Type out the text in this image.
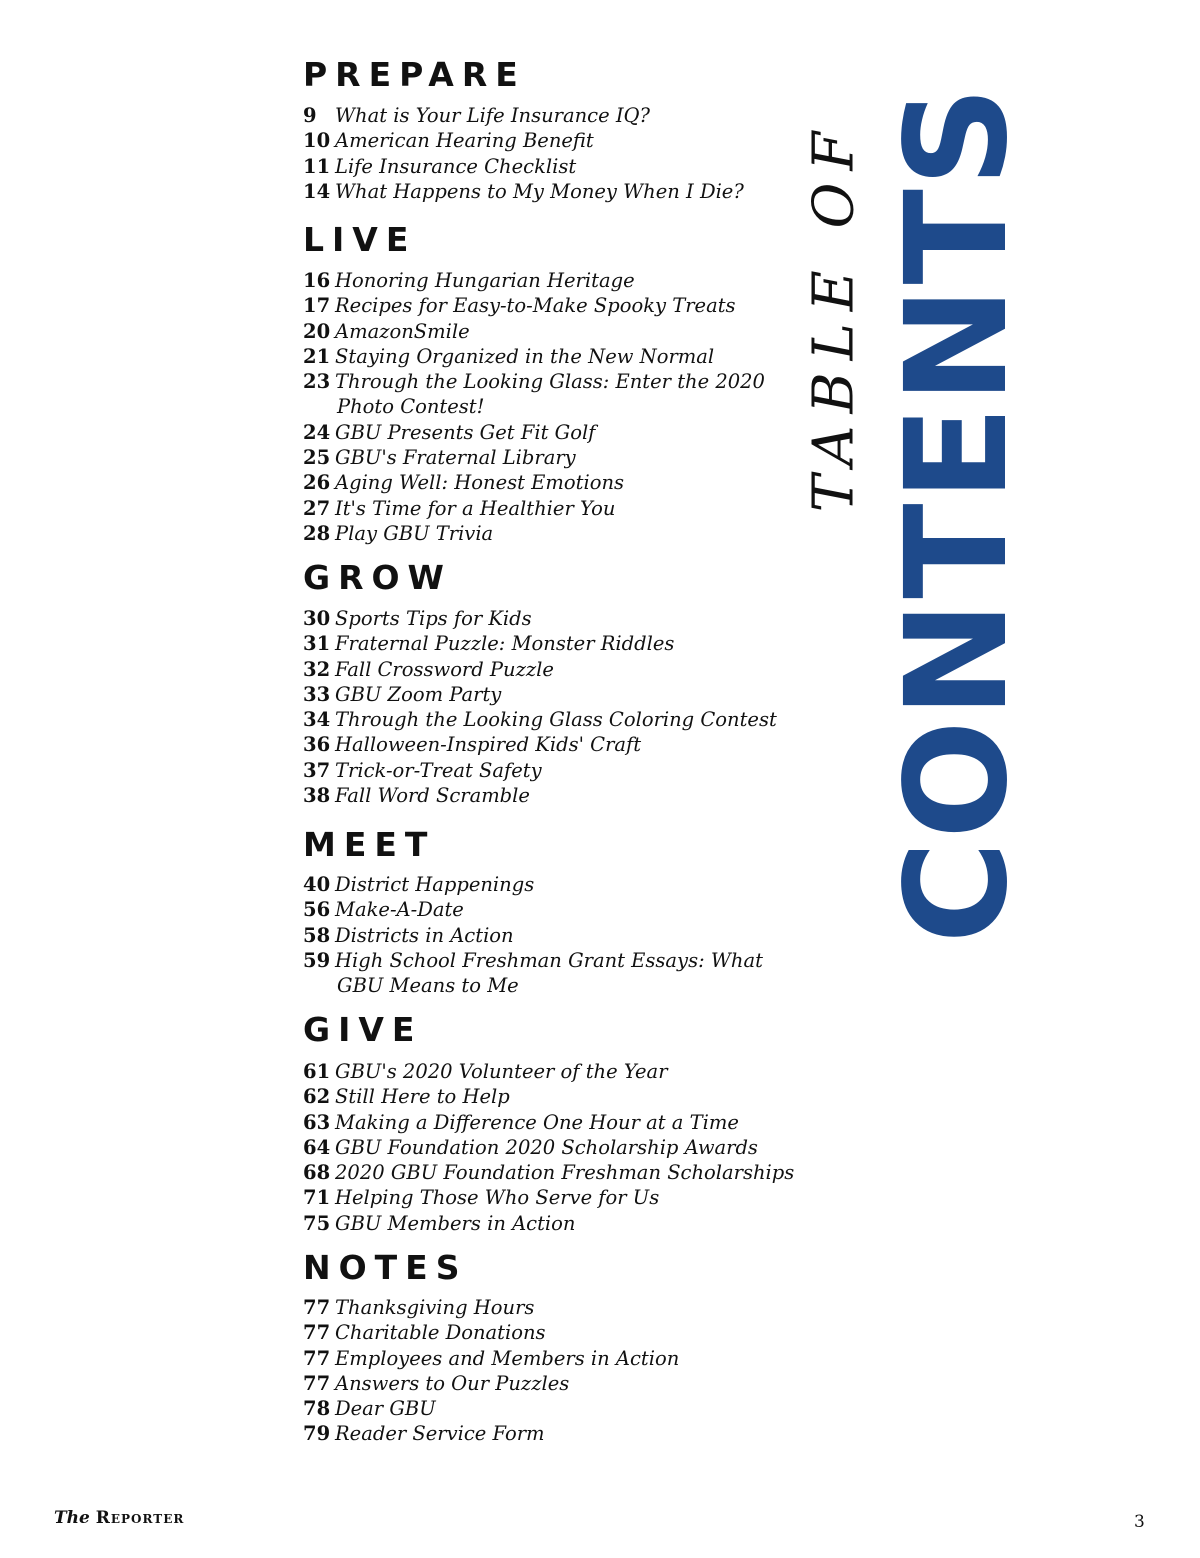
PREPARE
9 What is Your Life Insurance IQ?
10 American Hearing Benefit
11 Life Insurance Checklist
14 What Happens to My Money When I Die?
LIVE
16 Honoring Hungarian Heritage
17 Recipes for Easy-to-Make Spooky Treats
20 AmazonSmile
21 Staying Organized in the New Normal
23 Through the Looking Glass: Enter the 2020
Photo Contest!
24 GBU Presents Get Fit Golf
25 GBU's Fraternal Library
26 Aging Well: Honest Emotions
27 It's Time for a Healthier You
28 Play GBU Trivia
GROW
30 Sports Tips for Kids
31 Fraternal Puzzle: Monster Riddles
32 Fall Crossword Puzzle
33 GBU Zoom Party
34 Through the Looking Glass Coloring Contest
36 Halloween-Inspired Kids' Craft
37 Trick-or-Treat Safety
38 Fall Word Scramble
MEET
40 District Happenings
56 Make-A-Date
58 Districts in Action
59 High School Freshman Grant Essays: What
GBU Means to Me
GIVE
61 GBU's 2020 Volunteer of the Year
62 Still Here to Help
63 Making a Difference One Hour at a Time
64 GBU Foundation 2020 Scholarship Awards
68 2020 GBU Foundation Freshman Scholarships
71 Helping Those Who Serve for Us
75 GBU Members in Action
NOTES
77 Thanksgiving Hours
77 Charitable Donations
77 Employees and Members in Action
77 Answers to Our Puzzles
78 Dear GBU
79 Reader Service Form
TABLE OF CONTENTS
The Reporter	3
